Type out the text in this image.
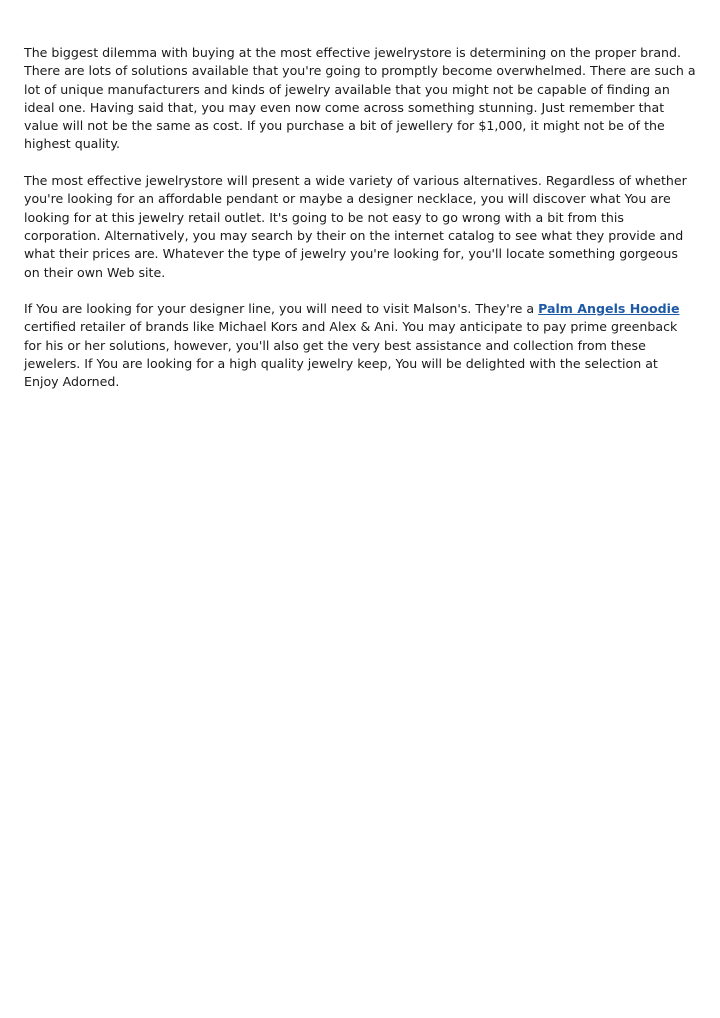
The biggest dilemma with buying at the most effective jewelrystore is determining on the proper brand. There are lots of solutions available that you're going to promptly become overwhelmed. There are such a lot of unique manufacturers and kinds of jewelry available that you might not be capable of finding an ideal one. Having said that, you may even now come across something stunning. Just remember that value will not be the same as cost. If you purchase a bit of jewellery for $1,000, it might not be of the highest quality.

The most effective jewelrystore will present a wide variety of various alternatives. Regardless of whether you're looking for an affordable pendant or maybe a designer necklace, you will discover what You are looking for at this jewelry retail outlet. It's going to be not easy to go wrong with a bit from this corporation. Alternatively, you may search by their on the internet catalog to see what they provide and what their prices are. Whatever the type of jewelry you're looking for, you'll locate something gorgeous on their own Web site.

If You are looking for your designer line, you will need to visit Malson's. They're a Palm Angels Hoodie certified retailer of brands like Michael Kors and Alex & Ani. You may anticipate to pay prime greenback for his or her solutions, however, you'll also get the very best assistance and collection from these jewelers. If You are looking for a high quality jewelry keep, You will be delighted with the selection at Enjoy Adorned.
